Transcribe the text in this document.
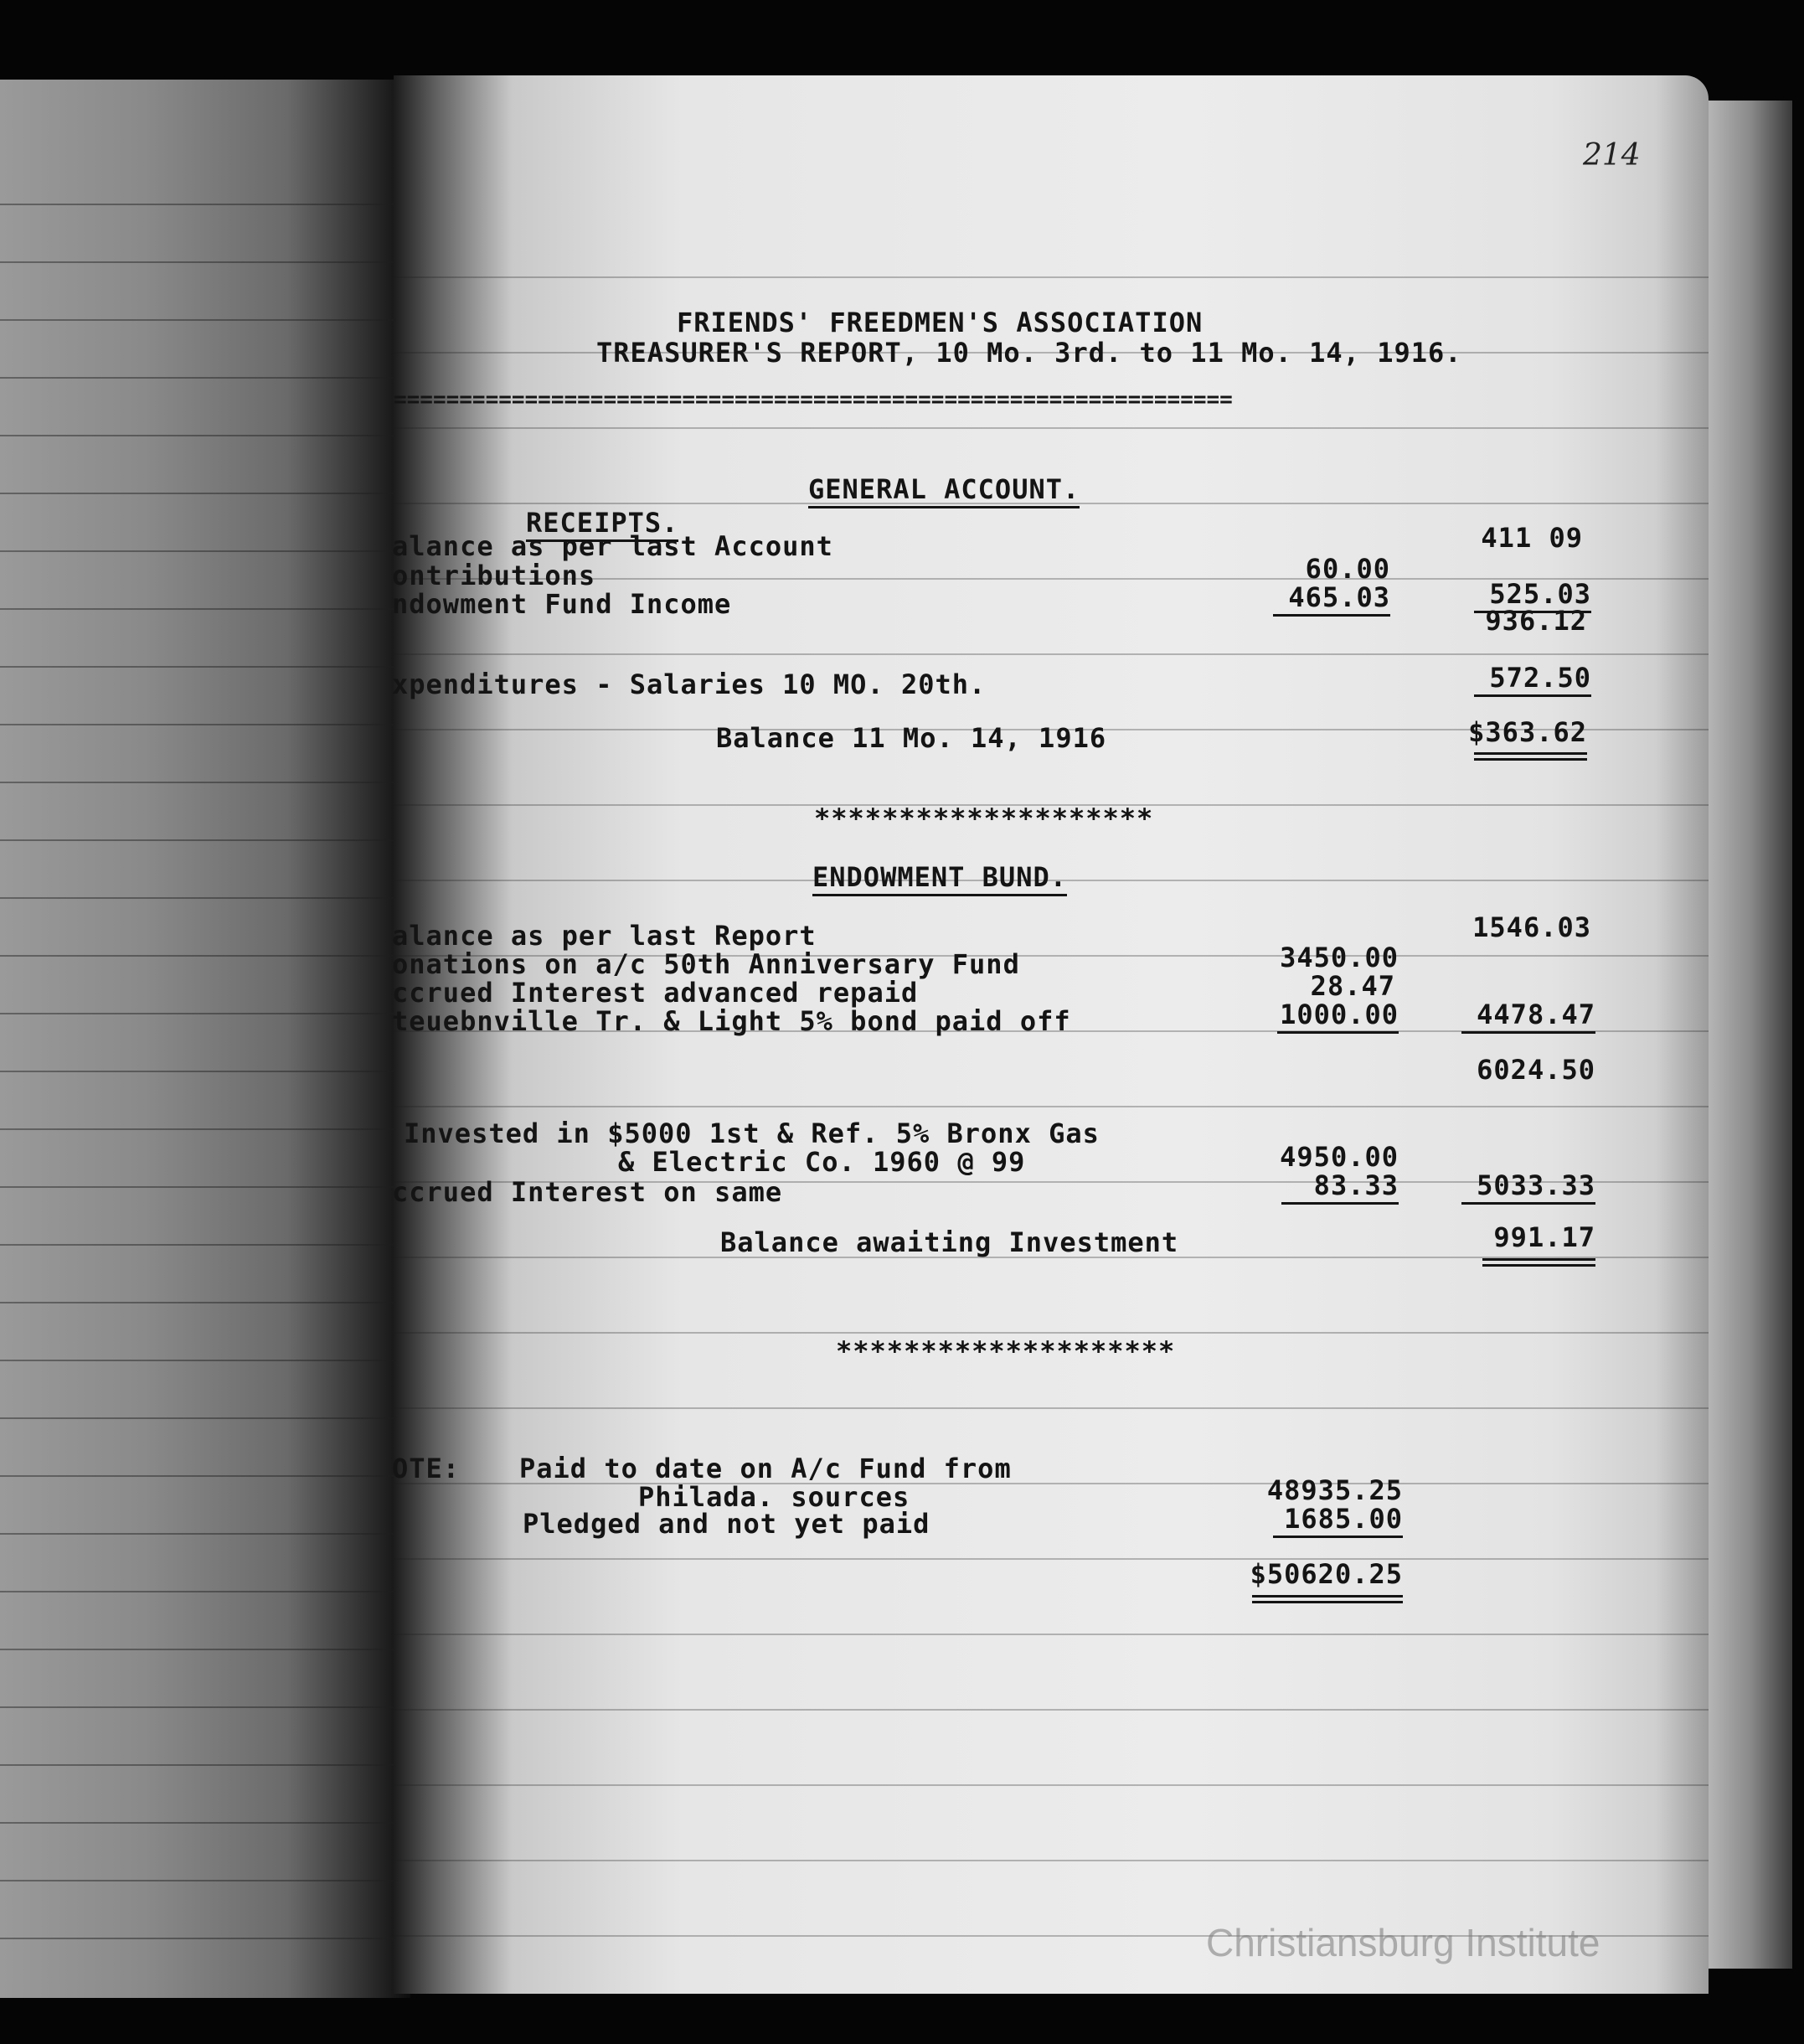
214
FRIENDS' FREEDMEN'S ASSOCIATION
TREASURER'S REPORT, 10 Mo. 3rd. to 11 Mo. 14, 1916.
================================================================
GENERAL ACCOUNT.
RECEIPTS.
alance as per last Account	411 09
ontributions	60.00
ndowment Fund Income	465.03	525.03
936.12
xpenditures - Salaries 10 MO. 20th.	572.50
Balance 11 Mo. 14, 1916	$363.62
********************
ENDOWMENT BUND.
alance as per last Report	1546.03
onations on a/c 50th Anniversary Fund	3450.00
ccrued Interest advanced repaid	28.47
teuebnville Tr. & Light 5% bond paid off	1000.00	4478.47
6024.50
Invested in $5000 1st & Ref. 5% Bronx Gas
& Electric Co. 1960 @ 99	4950.00
ccrued Interest on same	83.33	5033.33
Balance awaiting Investment	991.17
********************
OTE: Paid to date on A/c Fund from
Philada. sources	48935.25
Pledged and not yet paid	1685.00
$50620.25
Christiansburg Institute
